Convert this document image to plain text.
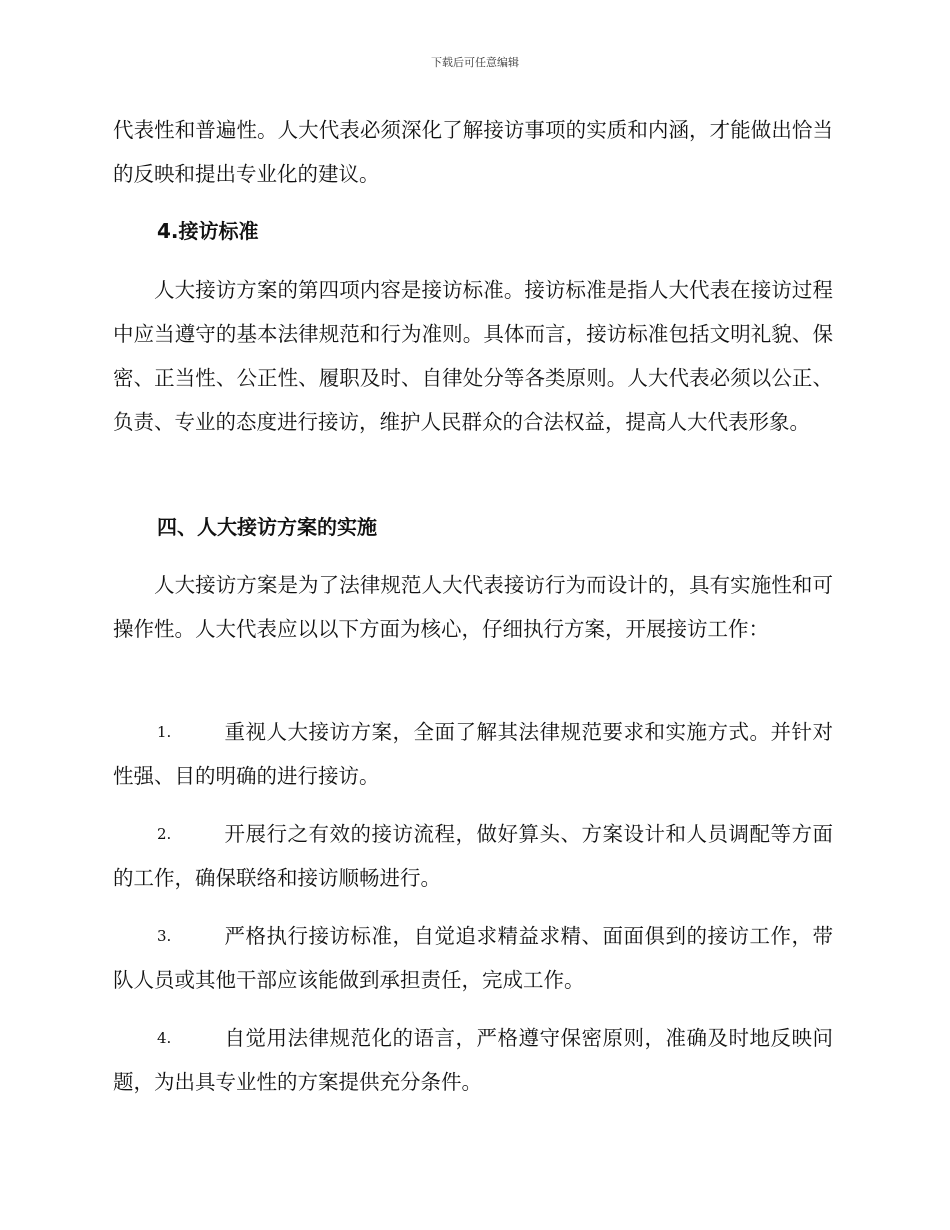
下载后可任意编辑
代表性和普遍性。人大代表必须深化了解接访事项的实质和内涵，才能做出恰当的反映和提出专业化的建议。
4.接访标准
人大接访方案的第四项内容是接访标准。接访标准是指人大代表在接访过程中应当遵守的基本法律规范和行为准则。具体而言，接访标准包括文明礼貌、保密、正当性、公正性、履职及时、自律处分等各类原则。人大代表必须以公正、负责、专业的态度进行接访，维护人民群众的合法权益，提高人大代表形象。
四、人大接访方案的实施
人大接访方案是为了法律规范人大代表接访行为而设计的，具有实施性和可操作性。人大代表应以以下方面为核心，仔细执行方案，开展接访工作：
1.	重视人大接访方案，全面了解其法律规范要求和实施方式。并针对性强、目的明确的进行接访。
2.	开展行之有效的接访流程，做好算头、方案设计和人员调配等方面的工作，确保联络和接访顺畅进行。
3.	严格执行接访标准，自觉追求精益求精、面面俱到的接访工作，带队人员或其他干部应该能做到承担责任，完成工作。
4.	自觉用法律规范化的语言，严格遵守保密原则，准确及时地反映问题，为出具专业性的方案提供充分条件。
